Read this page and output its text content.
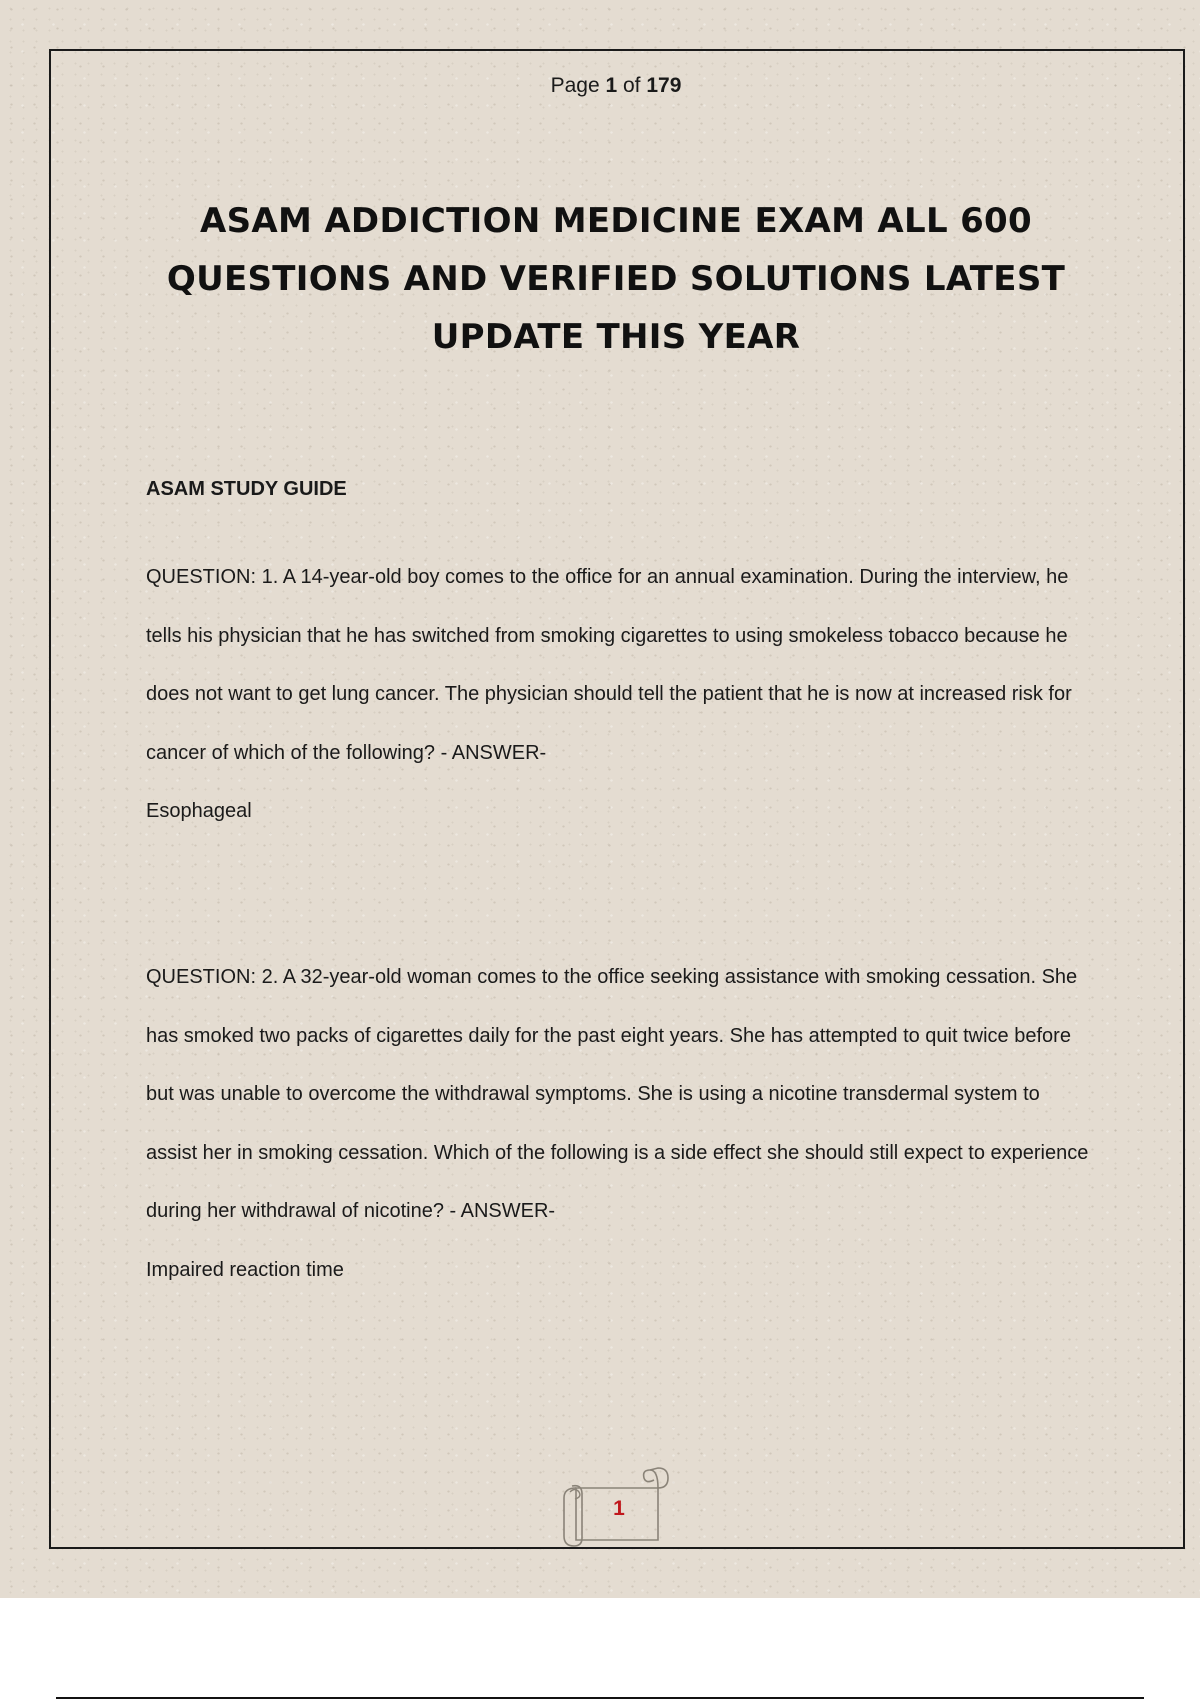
Page 1 of 179
ASAM ADDICTION MEDICINE EXAM ALL 600 QUESTIONS AND VERIFIED SOLUTIONS LATEST UPDATE THIS YEAR
ASAM STUDY GUIDE

QUESTION: 1. A 14-year-old boy comes to the office for an annual examination. During the interview, he tells his physician that he has switched from smoking cigarettes to using smokeless tobacco because he does not want to get lung cancer. The physician should tell the patient that he is now at increased risk for cancer of which of the following? - ANSWER-
Esophageal

QUESTION: 2. A 32-year-old woman comes to the office seeking assistance with smoking cessation. She has smoked two packs of cigarettes daily for the past eight years. She has attempted to quit twice before but was unable to overcome the withdrawal symptoms. She is using a nicotine transdermal system to assist her in smoking cessation. Which of the following is a side effect she should still expect to experience during her withdrawal of nicotine? - ANSWER-
Impaired reaction time

1
